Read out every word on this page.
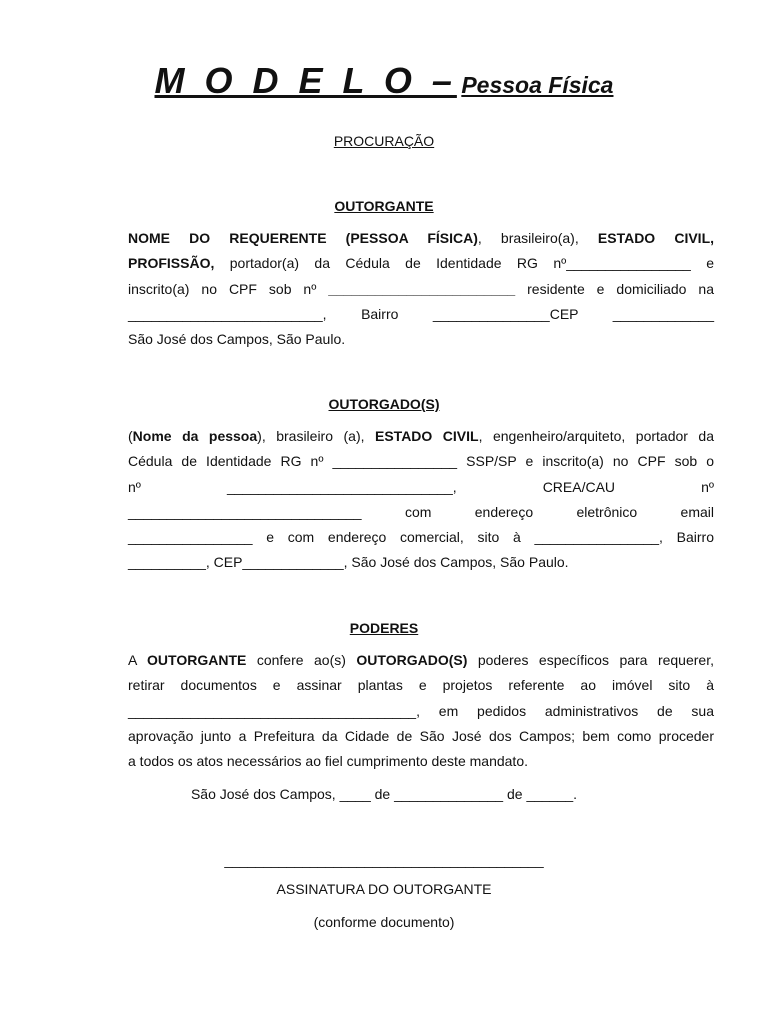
M O D E L O – Pessoa Física
PROCURAÇÃO
OUTORGANTE
NOME DO REQUERENTE (PESSOA FÍSICA), brasileiro(a), ESTADO CIVIL,
PROFISSÃO, portador(a) da Cédula de Identidade RG nº________________ e
inscrito(a) no CPF sob nº ________________________ residente e domiciliado na
_________________________, Bairro _______________CEP _____________
São José dos Campos, São Paulo.
OUTORGADO(S)
(Nome da pessoa), brasileiro (a), ESTADO CIVIL, engenheiro/arquiteto, portador da
Cédula de Identidade RG nº ________________ SSP/SP e inscrito(a) no CPF sob o
nº _____________________________, CREA/CAU nº
______________________________ com endereço eletrônico email
________________ e com endereço comercial, sito à ________________, Bairro
__________, CEP_____________, São José dos Campos, São Paulo.
PODERES
A OUTORGANTE confere ao(s) OUTORGADO(S) poderes específicos para requerer,
retirar documentos e assinar plantas e projetos referente ao imóvel sito à
_____________________________________, em pedidos administrativos de sua
aprovação junto a Prefeitura da Cidade de São José dos Campos; bem como proceder
a todos os atos necessários ao fiel cumprimento deste mandato.
São José dos Campos, ____ de ______________ de ______.
_________________________________________
ASSINATURA DO OUTORGANTE
(conforme documento)
